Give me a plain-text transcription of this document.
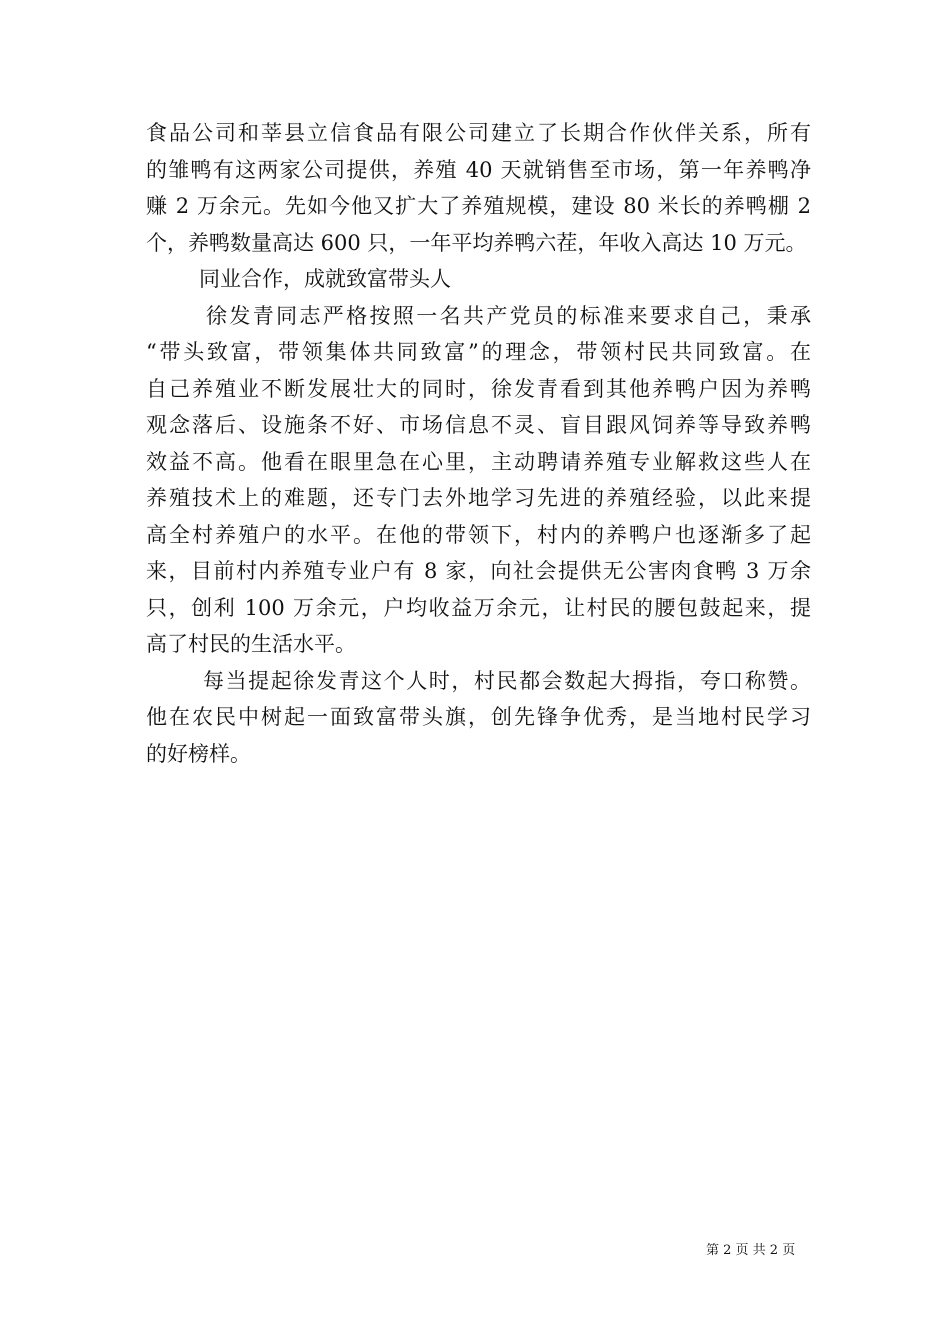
食品公司和莘县立信食品有限公司建立了长期合作伙伴关系，所有
的雏鸭有这两家公司提供，养殖 40 天就销售至市场，第一年养鸭净
赚 2 万余元。先如今他又扩大了养殖规模，建设 80 米长的养鸭棚 2
个，养鸭数量高达 600 只，一年平均养鸭六茬，年收入高达 10 万元。
同业合作，成就致富带头人
徐发青同志严格按照一名共产党员的标准来要求自己，秉承
“带头致富，带领集体共同致富”的理念，带领村民共同致富。在
自己养殖业不断发展壮大的同时，徐发青看到其他养鸭户因为养鸭
观念落后、设施条不好、市场信息不灵、盲目跟风饲养等导致养鸭
效益不高。他看在眼里急在心里，主动聘请养殖专业解救这些人在
养殖技术上的难题，还专门去外地学习先进的养殖经验，以此来提
高全村养殖户的水平。在他的带领下，村内的养鸭户也逐渐多了起
来，目前村内养殖专业户有 8 家，向社会提供无公害肉食鸭 3 万余
只，创利 100 万余元，户均收益万余元，让村民的腰包鼓起来，提
高了村民的生活水平。
每当提起徐发青这个人时，村民都会数起大拇指，夸口称赞。
他在农民中树起一面致富带头旗，创先锋争优秀，是当地村民学习
的好榜样。
第 2 页 共 2 页
